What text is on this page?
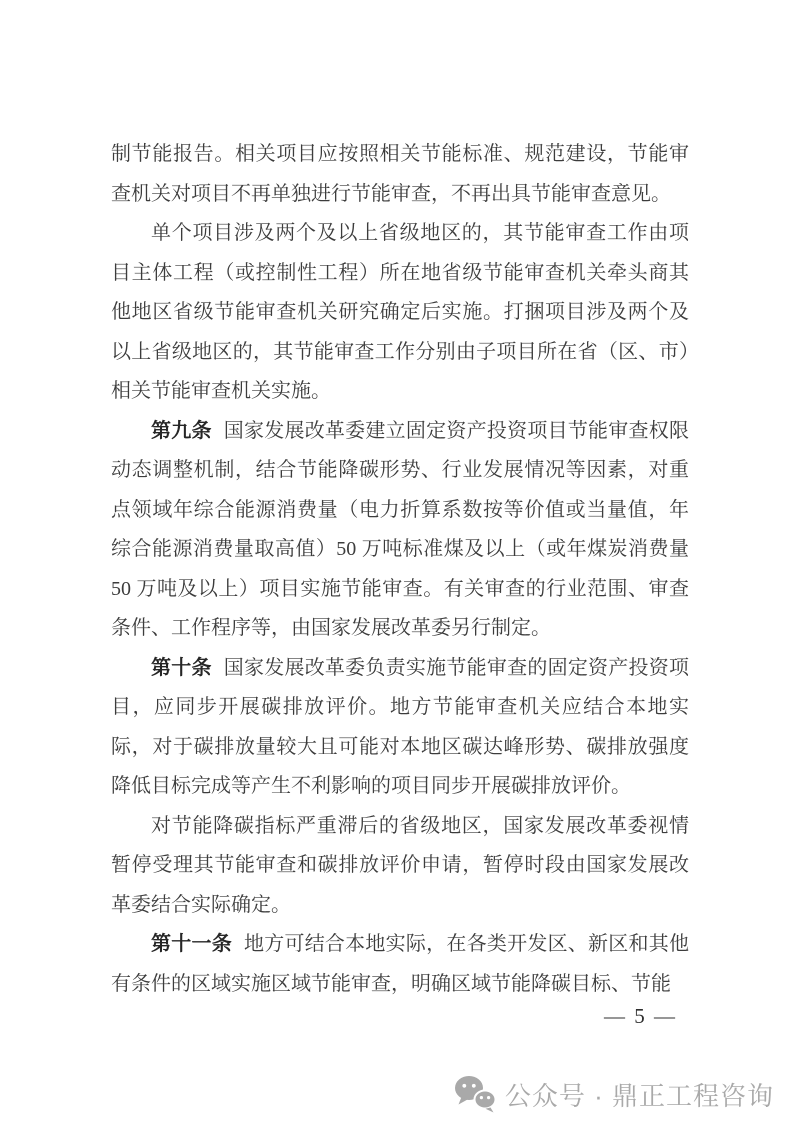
制节能报告。相关项目应按照相关节能标准、规范建设，节能审查机关对项目不再单独进行节能审查，不再出具节能审查意见。

单个项目涉及两个及以上省级地区的，其节能审查工作由项目主体工程（或控制性工程）所在地省级节能审查机关牵头商其他地区省级节能审查机关研究确定后实施。打捆项目涉及两个及以上省级地区的，其节能审查工作分别由子项目所在省（区、市）相关节能审查机关实施。

第九条 国家发展改革委建立固定资产投资项目节能审查权限动态调整机制，结合节能降碳形势、行业发展情况等因素，对重点领域年综合能源消费量（电力折算系数按等价值或当量值，年综合能源消费量取高值）50 万吨标准煤及以上（或年煤炭消费量 50 万吨及以上）项目实施节能审查。有关审查的行业范围、审查条件、工作程序等，由国家发展改革委另行制定。

第十条 国家发展改革委负责实施节能审查的固定资产投资项目，应同步开展碳排放评价。地方节能审查机关应结合本地实际，对于碳排放量较大且可能对本地区碳达峰形势、碳排放强度降低目标完成等产生不利影响的项目同步开展碳排放评价。

对节能降碳指标严重滞后的省级地区，国家发展改革委视情暂停受理其节能审查和碳排放评价申请，暂停时段由国家发展改革委结合实际确定。

第十一条 地方可结合本地实际，在各类开发区、新区和其他有条件的区域实施区域节能审查，明确区域节能降碳目标、节能

— 5 —
公众号 · 鼎正工程咨询
